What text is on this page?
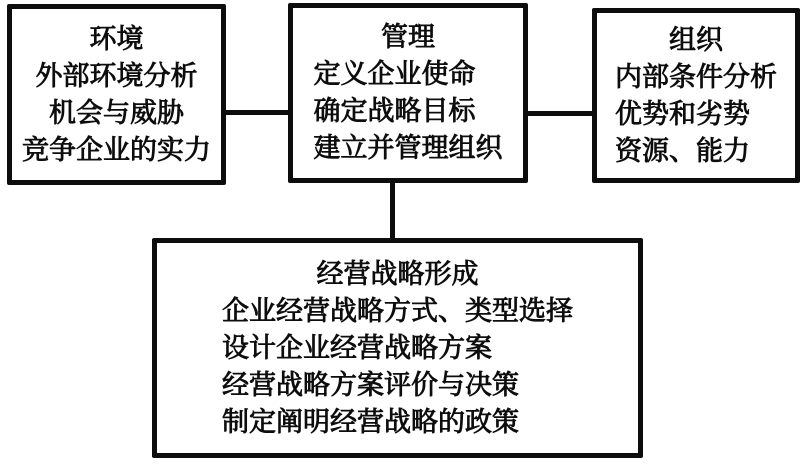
环境
外部环境分析
机会与威胁
竞争企业的实力
管理
定义企业使命
确定战略目标
建立并管理组织
组织
内部条件分析
优势和劣势
资源、能力
经营战略形成
企业经营战略方式、类型选择
设计企业经营战略方案
经营战略方案评价与决策
制定阐明经营战略的政策
